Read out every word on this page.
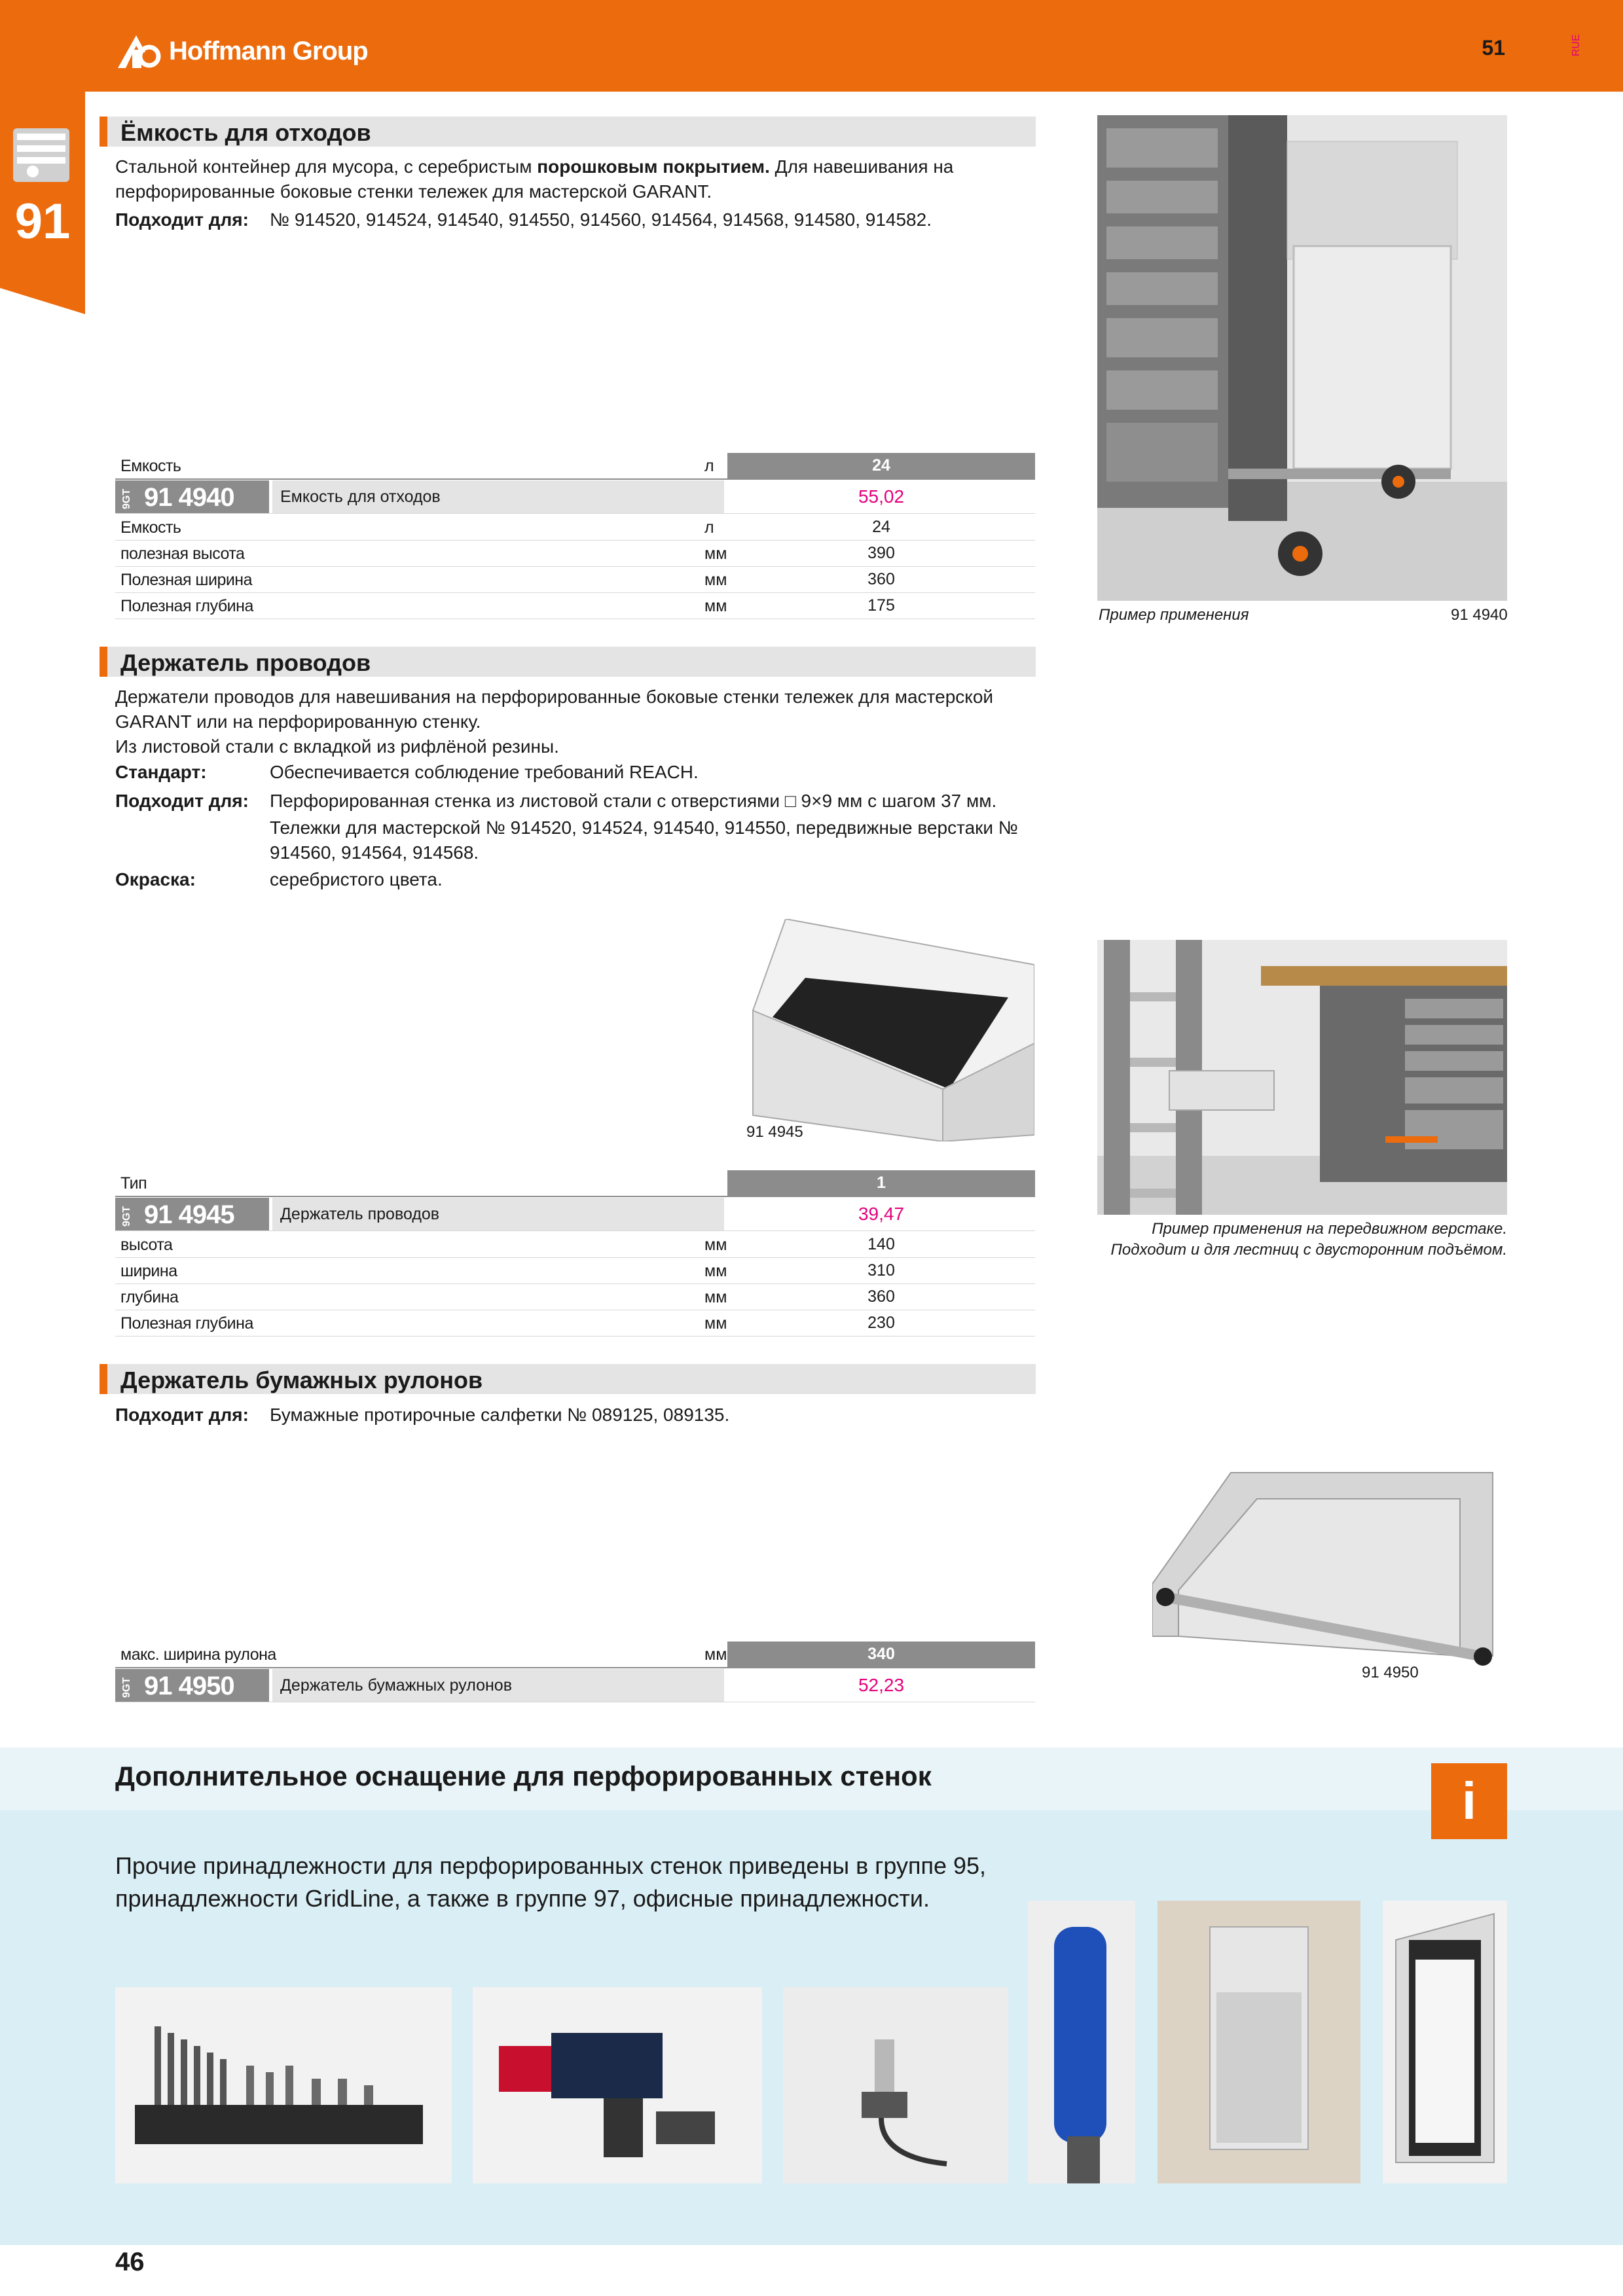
Hoffmann Group	51	RUE
91
Ёмкость для отходов
Стальной контейнер для мусора, с серебристым порошковым покрытием. Для навешивания на перфорированные боковые стенки тележек для мастерской GARANT.
Подходит для: № 914520, 914524, 914540, 914550, 914560, 914564, 914568, 914580, 914582.
Емкость	л	24
9GT 91 4940	Емкость для отходов	55,02
Емкость	л	24
полезная высота	мм	390
Полезная ширина	мм	360
Полезная глубина	мм	175
Пример применения	91 4940
Держатель проводов
Держатели проводов для навешивания на перфорированные боковые стенки тележек для мастерской GARANT или на перфорированную стенку.
Из листовой стали с вкладкой из рифлёной резины.
Стандарт:	Обеспечивается соблюдение требований REACH.
Подходит для: Перфорированная стенка из листовой стали с отверстиями □ 9×9 мм с шагом 37 мм.
Тележки для мастерской № 914520, 914524, 914540, 914550, передвижные верстаки № 914560, 914564, 914568.
Окраска:	серебристого цвета.
91 4945
Тип	1
9GT 91 4945	Держатель проводов	39,47
высота	мм	140
ширина	мм	310
глубина	мм	360
Полезная глубина	мм	230
Пример применения на передвижном верстаке.
Подходит и для лестниц с двусторонним подъёмом.
Держатель бумажных рулонов
Подходит для: Бумажные протирочные салфетки № 089125, 089135.
91 4950
макс. ширина рулона	мм	340
9GT 91 4950	Держатель бумажных рулонов	52,23
Дополнительное оснащение для перфорированных стенок	i
Прочие принадлежности для перфорированных стенок приведены в группе 95,
принадлежности GridLine, а также в группе 97, офисные принадлежности.
46
